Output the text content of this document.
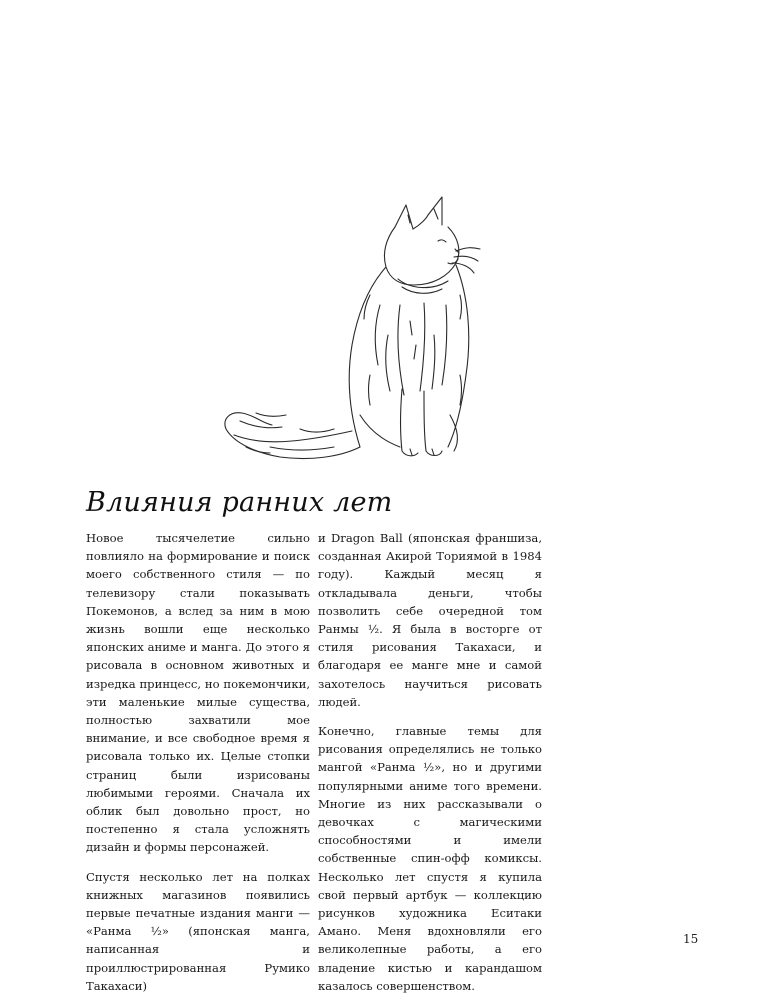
Влияния ранних лет

Новое тысячелетие сильно повлияло на формирование и поиск моего собственного стиля — по телевизору стали показывать Покемонов, а вслед за ним в мою жизнь вошли еще несколько японских аниме и манга. До этого я рисовала в основном животных и изредка принцесс, но покемончики, эти маленькие милые существа, полностью захватили мое внимание, и все свободное время я рисовала только их. Целые стопки страниц были изрисованы любимыми героями. Сначала их облик был довольно прост, но постепенно я стала усложнять дизайн и формы персонажей.

Спустя несколько лет на полках книжных магазинов появились первые печатные издания манги — «Ранма ½» (японская манга, написанная и проиллюстрированная Румико Такахаси)

и Dragon Ball (японская франшиза, созданная Акирой Ториямой в 1984 году). Каждый месяц я откладывала деньги, чтобы позволить себе очередной том Ранмы ½. Я была в восторге от стиля рисования Такахаси, и благодаря ее манге мне и самой захотелось научиться рисовать людей.

Конечно, главные темы для рисования определялись не только мангой «Ранма ½», но и другими популярными аниме того времени. Многие из них рассказывали о девочках с магическими способностями и имели собственные спин-офф комиксы. Несколько лет спустя я купила свой первый артбук — коллекцию рисунков художника Еситаки Амано. Меня вдохновляли его великолепные работы, а его владение кистью и карандашом казалось совершенством.

15
